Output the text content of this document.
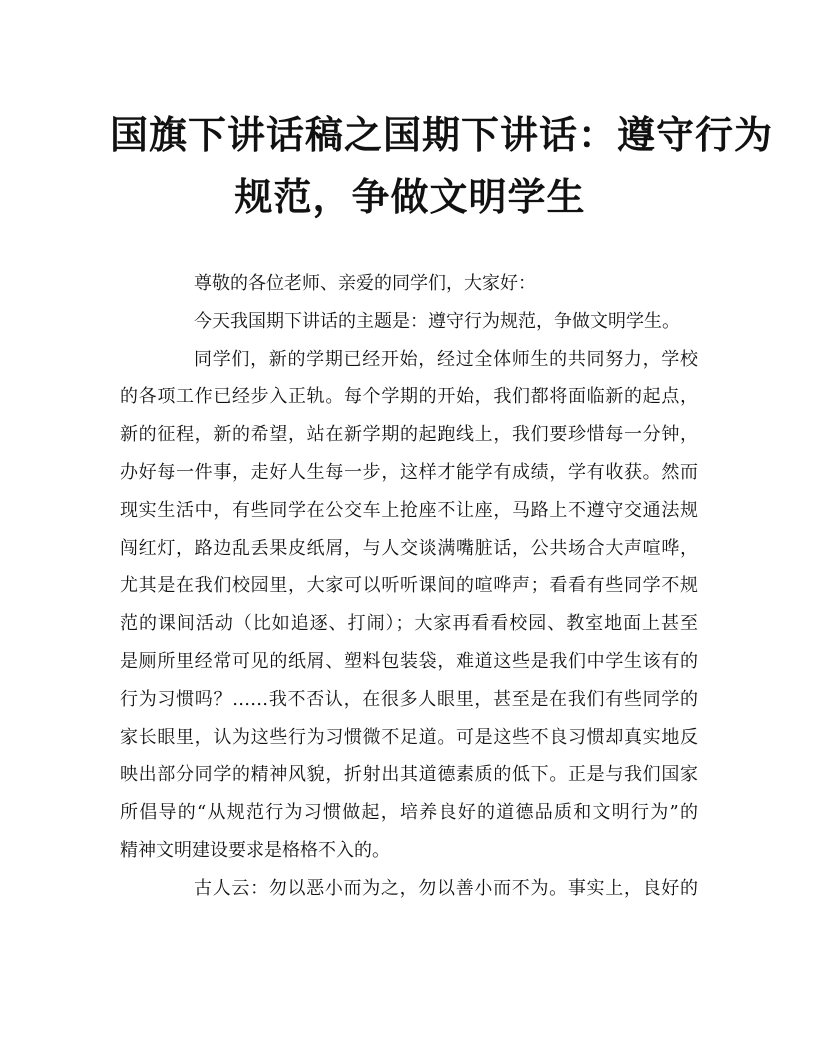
国旗下讲话稿之国期下讲话：遵守行为
规范，争做文明学生
尊敬的各位老师、亲爱的同学们，大家好：
今天我国期下讲话的主题是：遵守行为规范，争做文明学生。
同学们，新的学期已经开始，经过全体师生的共同努力，学校
的各项工作已经步入正轨。每个学期的开始，我们都将面临新的起点，
新的征程，新的希望，站在新学期的起跑线上，我们要珍惜每一分钟，
办好每一件事，走好人生每一步，这样才能学有成绩，学有收获。然而
现实生活中，有些同学在公交车上抢座不让座，马路上不遵守交通法规
闯红灯，路边乱丢果皮纸屑，与人交谈满嘴脏话，公共场合大声喧哗，
尤其是在我们校园里，大家可以听听课间的喧哗声；看看有些同学不规
范的课间活动（比如追逐、打闹）；大家再看看校园、教室地面上甚至
是厕所里经常可见的纸屑、塑料包装袋，难道这些是我们中学生该有的
行为习惯吗？……我不否认，在很多人眼里，甚至是在我们有些同学的
家长眼里，认为这些行为习惯微不足道。可是这些不良习惯却真实地反
映出部分同学的精神风貌，折射出其道德素质的低下。正是与我们国家
所倡导的“从规范行为习惯做起，培养良好的道德品质和文明行为”的
精神文明建设要求是格格不入的。
古人云：勿以恶小而为之，勿以善小而不为。事实上，良好的
